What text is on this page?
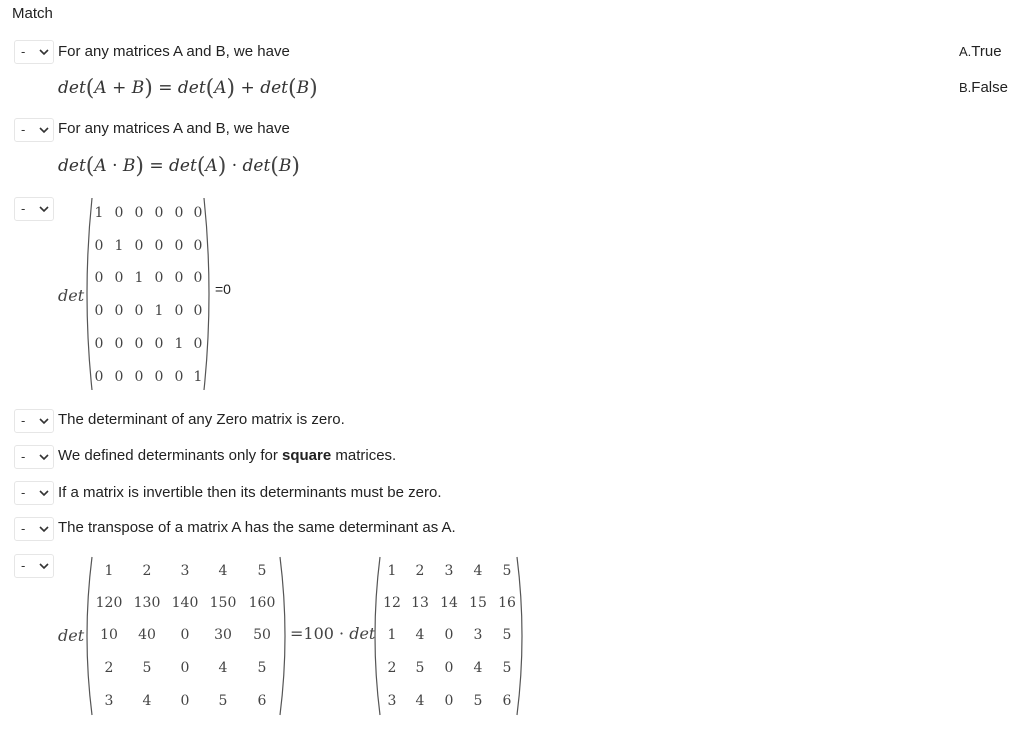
Match
A.True
B.False
- For any matrices A and B, we have
det(A + B) = det(A) + det(B)
- For any matrices A and B, we have
det(A · B) = det(A) · det(B)
-
det
1 0 0 0 0 0
0 1 0 0 0 0
0 0 1 0 0 0
0 0 0 1 0 0
0 0 0 0 1 0
0 0 0 0 0 1
=0
- The determinant of any Zero matrix is zero.
- We defined determinants only for square matrices.
- If a matrix is invertible then its determinants must be zero.
- The transpose of a matrix A has the same determinant as A.
-
det
1	2	3	4	5
120 130 140 150 160
10	40	0	30	50
2	5	0	4	5
3	4	0	5	6
=100 · det
1	2	3	4	5
12 13 14 15 16
1	4	0	3	5
2	5	0	4	5
3	4	0	5	6
